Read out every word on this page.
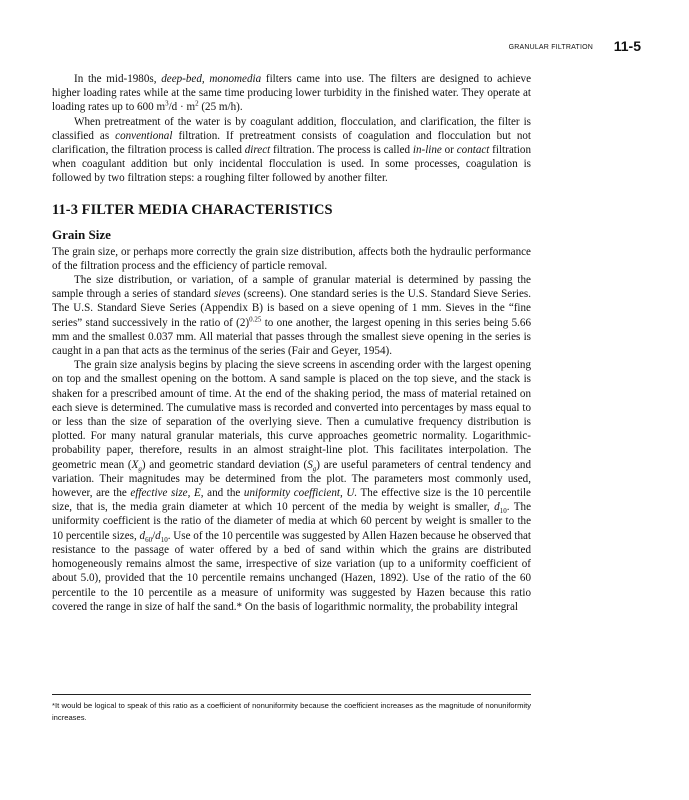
GRANULAR FILTRATION 11-5

In the mid-1980s, deep-bed, monomedia filters came into use. The filters are designed to achieve higher loading rates while at the same time producing lower turbidity in the finished water. They operate at loading rates up to 600 $m^3/d \cdot m^2$ (25 m/h).

When pretreatment of the water is by coagulant addition, flocculation, and clarification, the filter is classified as conventional filtration. If pretreatment consists of coagulation and flocculation but not clarification, the filtration process is called direct filtration. The process is called in-line or contact filtration when coagulant addition but only incidental flocculation is used. In some processes, coagulation is followed by two filtration steps: a roughing filter followed by another filter.

11-3 FILTER MEDIA CHARACTERISTICS
Grain Size

The grain size, or perhaps more correctly the grain size distribution, affects both the hydraulic performance of the filtration process and the efficiency of particle removal.

The size distribution, or variation, of a sample of granular material is determined by passing the sample through a series of standard sieves (screens). One standard series is the U.S. Standard Sieve Series. The U.S. Standard Sieve Series (Appendix B) is based on a sieve opening of 1 mm. Sieves in the “fine series” stand successively in the ratio of $(2)^{0.25}$ to one another, the largest opening in this series being 5.66 mm and the smallest 0.037 mm. All material that passes through the smallest sieve opening in the series is caught in a pan that acts as the terminus of the series (Fair and Geyer, 1954).

The grain size analysis begins by placing the sieve screens in ascending order with the largest opening on top and the smallest opening on the bottom. A sand sample is placed on the top sieve, and the stack is shaken for a prescribed amount of time. At the end of the shaking period, the mass of material retained on each sieve is determined. The cumulative mass is recorded and converted into percentages by mass equal to or less than the size of separation of the overlying sieve. Then a cumulative frequency distribution is plotted. For many natural granular materials, this curve approaches geometric normality. Logarithmic-probability paper, therefore, results in an almost straight-line plot. This facilitates interpolation. The geometric mean $(X_g)$ and geometric standard deviation $(S_g)$ are useful parameters of central tendency and variation. Their magnitudes may be determined from the plot. The parameters most commonly used, however, are the effective size, E, and the uniformity coefficient, U. The effective size is the 10 percentile size, that is, the media grain diameter at which 10 percent of the media by weight is smaller, $d_{10}$. The uniformity coefficient is the ratio of the diameter of media at which 60 percent by weight is smaller to the 10 percentile sizes, $d_{60}/d_{10}$. Use of the 10 percentile was suggested by Allen Hazen because he observed that resistance to the passage of water offered by a bed of sand within which the grains are distributed homogeneously remains almost the same, irrespective of size variation (up to a uniformity coefficient of about 5.0), provided that the 10 percentile remains unchanged (Hazen, 1892). Use of the ratio of the 60 percentile to the 10 percentile as a measure of uniformity was suggested by Hazen because this ratio covered the range in size of half the sand.* On the basis of logarithmic normality, the probability integral

*It would be logical to speak of this ratio as a coefficient of nonuniformity because the coefficient increases as the magnitude of nonuniformity increases.
